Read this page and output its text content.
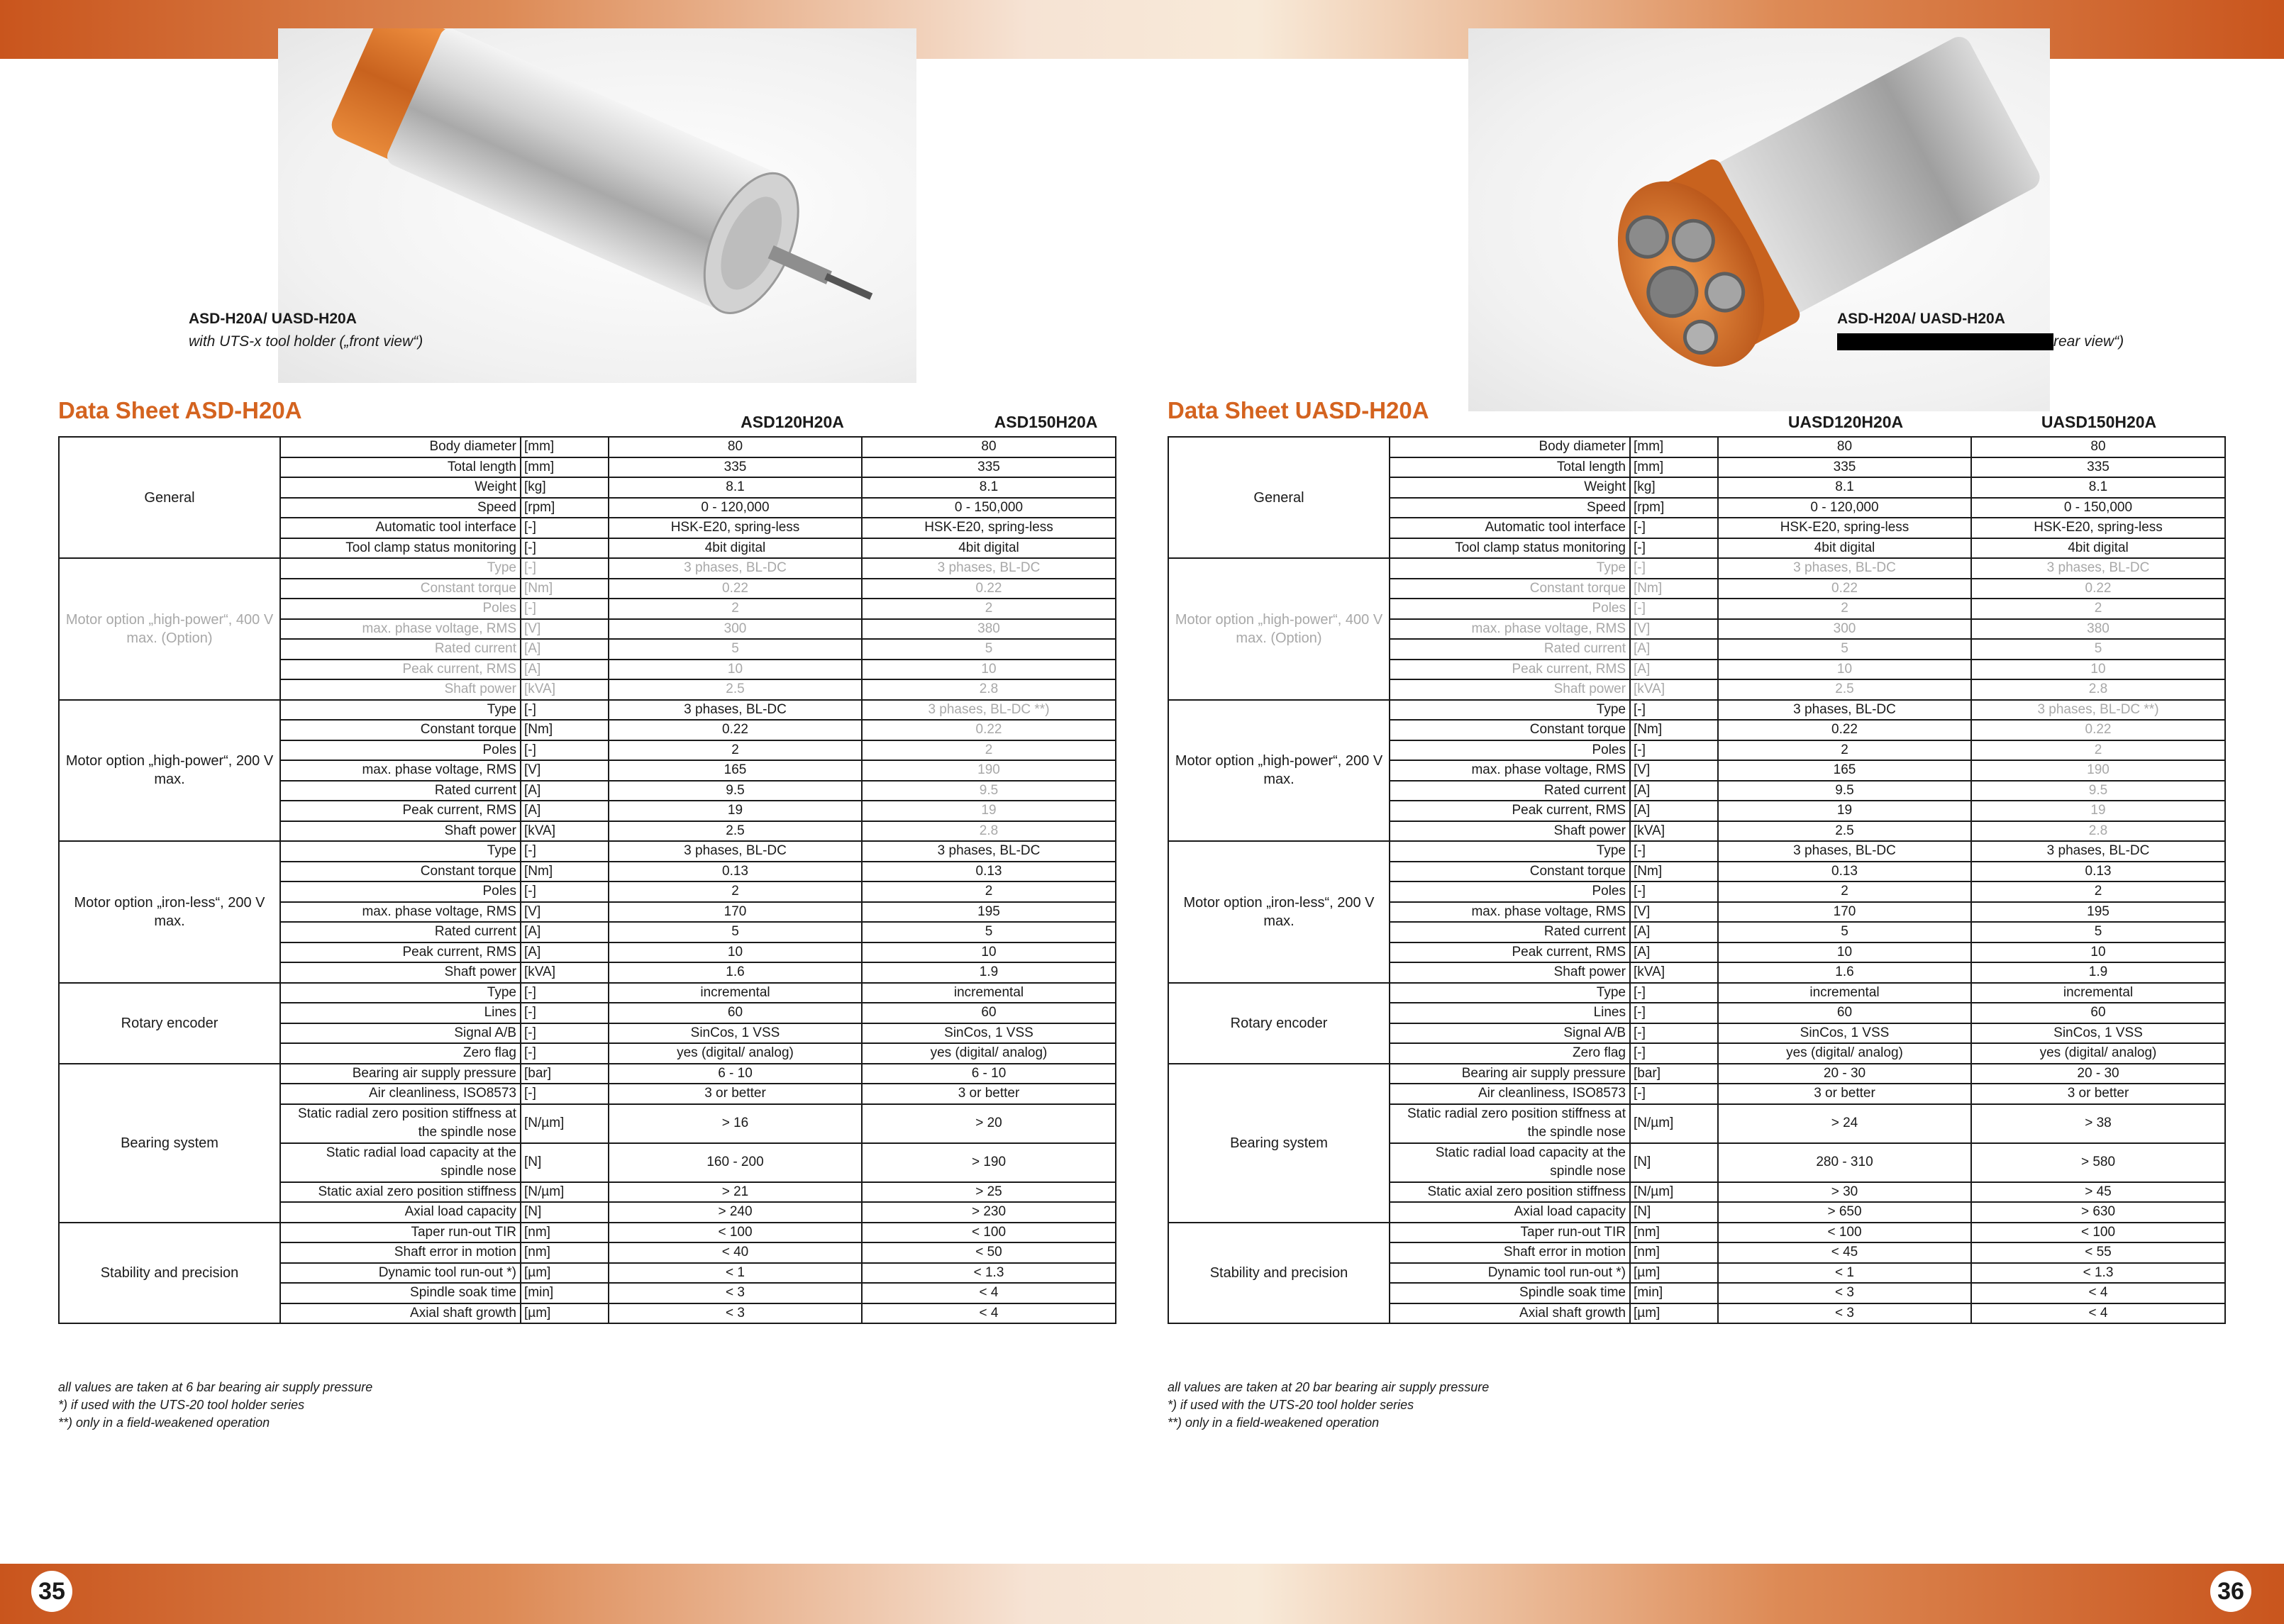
35	36
ASD-H20A/ UASD-H20A
with UTS-x tool holder („front view“)
ASD-H20A/ UASD-H20A
rear view“)
Data Sheet ASD-H20A	ASD120H20A	ASD150H20A
General	Body diameter	[mm]	80	80
	Total length	[mm]	335	335
	Weight	[kg]	8.1	8.1
	Speed	[rpm]	0 - 120,000	0 - 150,000
	Automatic tool interface	[-]	HSK-E20, spring-less	HSK-E20, spring-less
	Tool clamp status monitoring	[-]	4bit digital	4bit digital
Motor option „high-power“, 400 V max. (Option)	Type	[-]	3 phases, BL-DC	3 phases, BL-DC
	Constant torque	[Nm]	0.22	0.22
	Poles	[-]	2	2
	max. phase voltage, RMS	[V]	300	380
	Rated current	[A]	5	5
	Peak current, RMS	[A]	10	10
	Shaft power	[kVA]	2.5	2.8
Motor option „high-power“, 200 V max.	Type	[-]	3 phases, BL-DC	3 phases, BL-DC **)
	Constant torque	[Nm]	0.22	0.22
	Poles	[-]	2	2
	max. phase voltage, RMS	[V]	165	190
	Rated current	[A]	9.5	9.5
	Peak current, RMS	[A]	19	19
	Shaft power	[kVA]	2.5	2.8
Motor option „iron-less“, 200 V max.	Type	[-]	3 phases, BL-DC	3 phases, BL-DC
	Constant torque	[Nm]	0.13	0.13
	Poles	[-]	2	2
	max. phase voltage, RMS	[V]	170	195
	Rated current	[A]	5	5
	Peak current, RMS	[A]	10	10
	Shaft power	[kVA]	1.6	1.9
Rotary encoder	Type	[-]	incremental	incremental
	Lines	[-]	60	60
	Signal A/B	[-]	SinCos, 1 VSS	SinCos, 1 VSS
	Zero flag	[-]	yes (digital/ analog)	yes (digital/ analog)
Bearing system	Bearing air supply pressure	[bar]	6 - 10	6 - 10
	Air cleanliness, ISO8573	[-]	3 or better	3 or better
	Static radial zero position stiffness at the spindle nose	[N/µm]	> 16	> 20
	Static radial load capacity at the spindle nose	[N]	160 - 200	> 190
	Static axial zero position stiffness	[N/µm]	> 21	> 25
	Axial load capacity	[N]	> 240	> 230
Stability and precision	Taper run-out TIR	[nm]	< 100	< 100
	Shaft error in motion	[nm]	< 40	< 50
	Dynamic tool run-out *)	[µm]	< 1	< 1.3
	Spindle soak time	[min]	< 3	< 4
	Axial shaft growth	[µm]	< 3	< 4
all values are taken at 6 bar bearing air supply pressure
*) if used with the UTS-20 tool holder series
**) only in a field-weakened operation
Data Sheet UASD-H20A	UASD120H20A	UASD150H20A
General	Body diameter	[mm]	80	80
	Total length	[mm]	335	335
	Weight	[kg]	8.1	8.1
	Speed	[rpm]	0 - 120,000	0 - 150,000
	Automatic tool interface	[-]	HSK-E20, spring-less	HSK-E20, spring-less
	Tool clamp status monitoring	[-]	4bit digital	4bit digital
Motor option „high-power“, 400 V max. (Option)	Type	[-]	3 phases, BL-DC	3 phases, BL-DC
	Constant torque	[Nm]	0.22	0.22
	Poles	[-]	2	2
	max. phase voltage, RMS	[V]	300	380
	Rated current	[A]	5	5
	Peak current, RMS	[A]	10	10
	Shaft power	[kVA]	2.5	2.8
Motor option „high-power“, 200 V max.	Type	[-]	3 phases, BL-DC	3 phases, BL-DC **)
	Constant torque	[Nm]	0.22	0.22
	Poles	[-]	2	2
	max. phase voltage, RMS	[V]	165	190
	Rated current	[A]	9.5	9.5
	Peak current, RMS	[A]	19	19
	Shaft power	[kVA]	2.5	2.8
Motor option „iron-less“, 200 V max.	Type	[-]	3 phases, BL-DC	3 phases, BL-DC
	Constant torque	[Nm]	0.13	0.13
	Poles	[-]	2	2
	max. phase voltage, RMS	[V]	170	195
	Rated current	[A]	5	5
	Peak current, RMS	[A]	10	10
	Shaft power	[kVA]	1.6	1.9
Rotary encoder	Type	[-]	incremental	incremental
	Lines	[-]	60	60
	Signal A/B	[-]	SinCos, 1 VSS	SinCos, 1 VSS
	Zero flag	[-]	yes (digital/ analog)	yes (digital/ analog)
Bearing system	Bearing air supply pressure	[bar]	20 - 30	20 - 30
	Air cleanliness, ISO8573	[-]	3 or better	3 or better
	Static radial zero position stiffness at the spindle nose	[N/µm]	> 24	> 38
	Static radial load capacity at the spindle nose	[N]	280 - 310	> 580
	Static axial zero position stiffness	[N/µm]	> 30	> 45
	Axial load capacity	[N]	> 650	> 630
Stability and precision	Taper run-out TIR	[nm]	< 100	< 100
	Shaft error in motion	[nm]	< 45	< 55
	Dynamic tool run-out *)	[µm]	< 1	< 1.3
	Spindle soak time	[min]	< 3	< 4
	Axial shaft growth	[µm]	< 3	< 4
all values are taken at 20 bar bearing air supply pressure
*) if used with the UTS-20 tool holder series
**) only in a field-weakened operation
